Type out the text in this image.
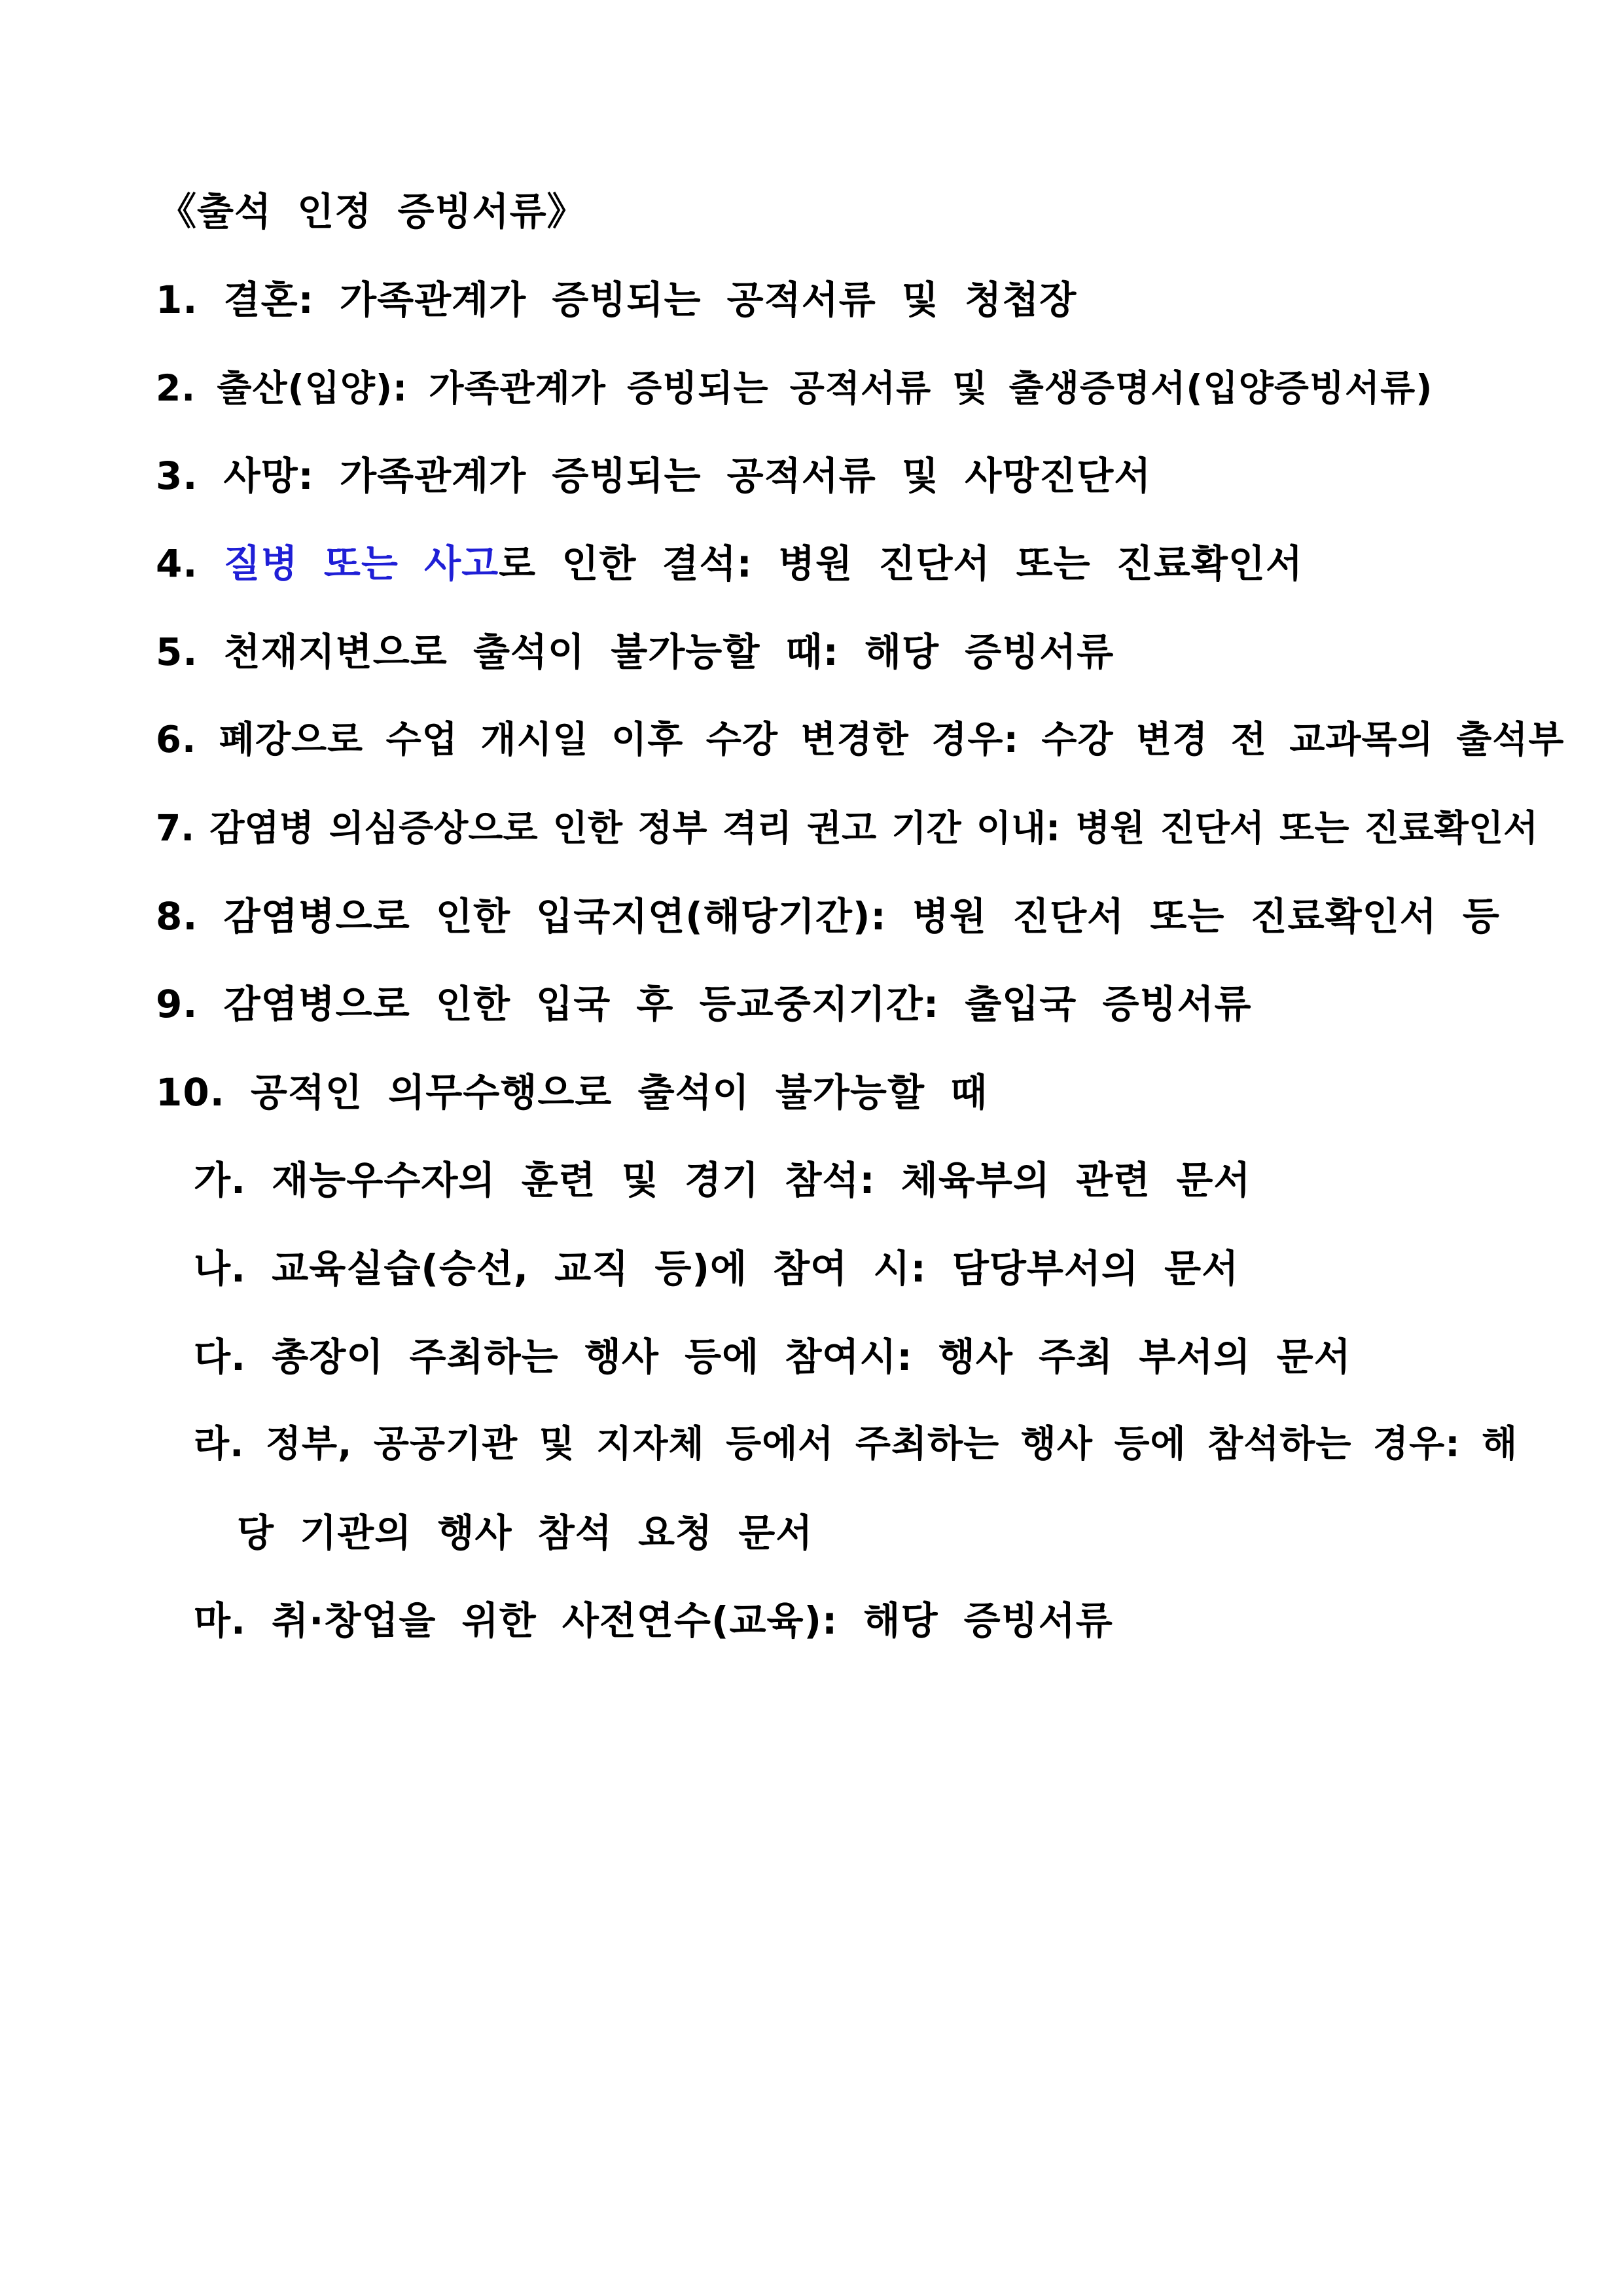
《출석 인정 증빙서류》
1. 결혼: 가족관계가 증빙되는 공적서류 및 청첩장
2. 출산(입양): 가족관계가 증빙되는 공적서류 및 출생증명서(입양증빙서류)
3. 사망: 가족관계가 증빙되는 공적서류 및 사망진단서
4. 질병 또는 사고로 인한 결석: 병원 진단서 또는 진료확인서
5. 천재지변으로 출석이 불가능할 때: 해당 증빙서류
6. 폐강으로 수업 개시일 이후 수강 변경한 경우: 수강 변경 전 교과목의 출석부
7. 감염병 의심증상으로 인한 정부 격리 권고 기간 이내: 병원 진단서 또는 진료확인서
8. 감염병으로 인한 입국지연(해당기간): 병원 진단서 또는 진료확인서 등
9. 감염병으로 인한 입국 후 등교중지기간: 출입국 증빙서류
10. 공적인 의무수행으로 출석이 불가능할 때
가. 재능우수자의 훈련 및 경기 참석: 체육부의 관련 문서
나. 교육실습(승선, 교직 등)에 참여 시: 담당부서의 문서
다. 총장이 주최하는 행사 등에 참여시: 행사 주최 부서의 문서
라. 정부, 공공기관 및 지자체 등에서 주최하는 행사 등에 참석하는 경우: 해
당 기관의 행사 참석 요청 문서
마. 취·창업을 위한 사전연수(교육): 해당 증빙서류
